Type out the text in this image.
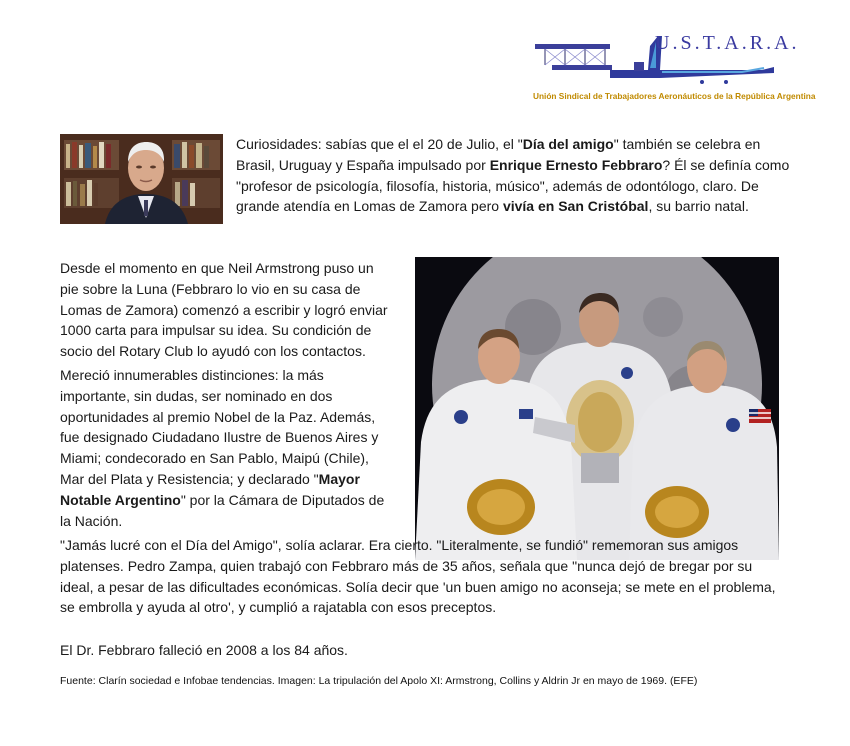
U.S.T.A.R.A.
Unión Sindical de Trabajadores Aeronáuticos de la República Argentina

Curiosidades: sabías que el el 20 de Julio, el "Día del amigo" también se celebra en Brasil, Uruguay y España impulsado por Enrique Ernesto Febbraro? Él se definía como "profesor de psicología, filosofía, historia, músico", además de odontólogo, claro. De grande atendía en Lomas de Zamora pero vivía en San Cristóbal, su barrio natal.

Desde el momento en que Neil Armstrong puso un pie sobre la Luna (Febbraro lo vio en su casa de Lomas de Zamora) comenzó a escribir y logró enviar 1000 carta para impulsar su idea. Su condición de socio del Rotary Club lo ayudó con los contactos.

Mereció innumerables distinciones: la más importante, sin dudas, ser nominado en dos oportunidades al premio Nobel de la Paz. Además, fue designado Ciudadano Ilustre de Buenos Aires y Miami; condecorado en San Pablo, Maipú (Chile), Mar del Plata y Resistencia; y declarado "Mayor Notable Argentino" por la Cámara de Diputados de la Nación.

"Jamás lucré con el Día del Amigo", solía aclarar. Era cierto. "Literalmente, se fundió" rememoran sus amigos platenses. Pedro Zampa, quien trabajó con Febbraro más de 35 años, señala que "nunca dejó de bregar por su ideal, a pesar de las dificultades económicas. Solía decir que 'un buen amigo no aconseja; se mete en el problema, se embrolla y ayuda al otro', y cumplió a rajatabla con esos preceptos.

El Dr. Febbraro falleció en 2008 a los 84 años.

Fuente: Clarín sociedad e Infobae tendencias. Imagen: La tripulación del Apolo XI: Armstrong, Collins y Aldrin Jr en mayo de 1969. (EFE)
